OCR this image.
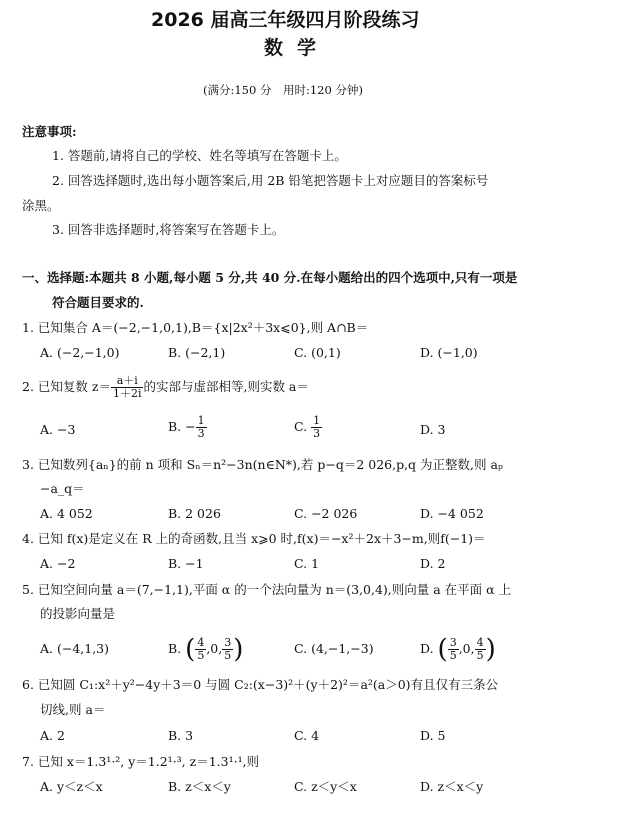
2026 届高三年级四月阶段练习
数学
(满分:150 分　用时:120 分钟)
注意事项:
1. 答题前,请将自己的学校、姓名等填写在答题卡上。
2. 回答选择题时,选出每小题答案后,用 2B 铅笔把答题卡上对应题目的答案标号
涂黑。
3. 回答非选择题时,将答案写在答题卡上。
一、选择题:本题共 8 小题,每小题 5 分,共 40 分.在每小题给出的四个选项中,只有一项是
符合题目要求的.
1. 已知集合 A＝(−2,−1,0,1),B＝{x|2x²＋3x⩽0},则 A∩B＝
A. (−2,−1,0)	B. (−2,1)	C. (0,1)	D. (−1,0)
2. 已知复数 $z= \frac{a+i}{1+2i}$ 的实部与虚部相等,则实数 a＝
A. −3	B. − $\frac{1}{3}$	C. $\frac{1}{3}$	D. 3
3. 已知数列{aₙ}的前 n 项和 Sₙ＝n²−3n(n∈N*),若 p−q＝2 026,p,q 为正整数,则 aₚ
−a_q＝
A. 4 052	B. 2 026	C. −2 026	D. −4 052
4. 已知 f(x)是定义在 R 上的奇函数,且当 x⩾0 时,f(x)＝−x²＋2x＋3−m,则f(−1)＝
A. −2	B. −1	C. 1	D. 2
5. 已知空间向量 a＝(7,−1,1),平面 α 的一个法向量为 n＝(3,0,4),则向量 a 在平面 α 上
的投影向量是
A. (−4,1,3)	B. ( $\frac{4}{5} ,0$, $\frac{3}{5}$ )	C. (4,−1,−3)	D. ( $\frac{3}{5} ,0$, $\frac{4}{5}$ )
6. 已知圆 C₁:x²＋y²−4y＋3＝0 与圆 C₂:(x−3)²＋(y＋2)²＝a²(a＞0)有且仅有三条公
切线,则 a＝
A. 2	B. 3	C. 4	D. 5
7. 已知 x＝1.3¹·², y＝1.2¹·³, z＝1.3¹·¹,则
A. y＜z＜x	B. z＜x＜y	C. z＜y＜x	D. z＜x＜y
